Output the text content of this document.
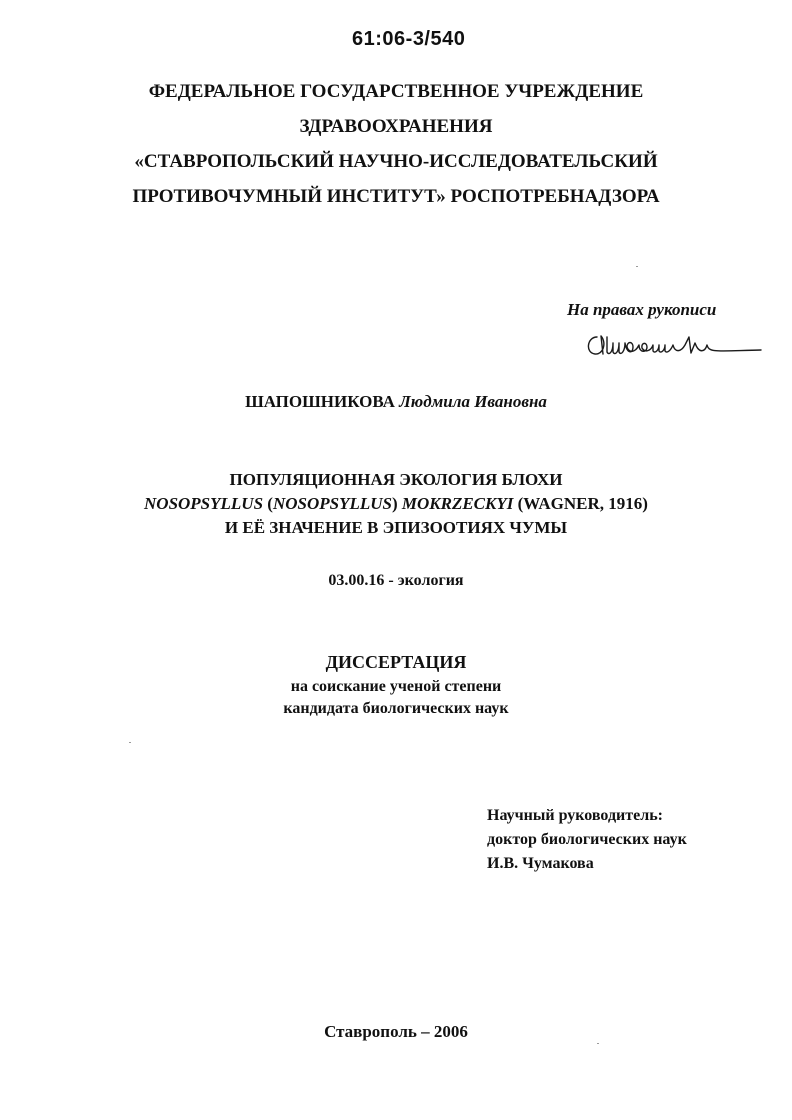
61:06-3/540
ФЕДЕРАЛЬНОЕ ГОСУДАРСТВЕННОЕ УЧРЕЖДЕНИЕ
ЗДРАВООХРАНЕНИЯ
«СТАВРОПОЛЬСКИЙ НАУЧНО-ИССЛЕДОВАТЕЛЬСКИЙ
ПРОТИВОЧУМНЫЙ ИНСТИТУТ» РОСПОТРЕБНАДЗОРА
На правах рукописи
ШАПОШНИКОВА Людмила Ивановна
ПОПУЛЯЦИОННАЯ ЭКОЛОГИЯ БЛОХИ
NOSOPSYLLUS (NOSOPSYLLUS) MOKRZECKYI (WAGNER, 1916)
И ЕЁ ЗНАЧЕНИЕ В ЭПИЗООТИЯХ ЧУМЫ
03.00.16 - экология
ДИССЕРТАЦИЯ
на соискание ученой степени
кандидата биологических наук
Научный руководитель:
доктор биологических наук
И.В. Чумакова
Ставрополь – 2006
